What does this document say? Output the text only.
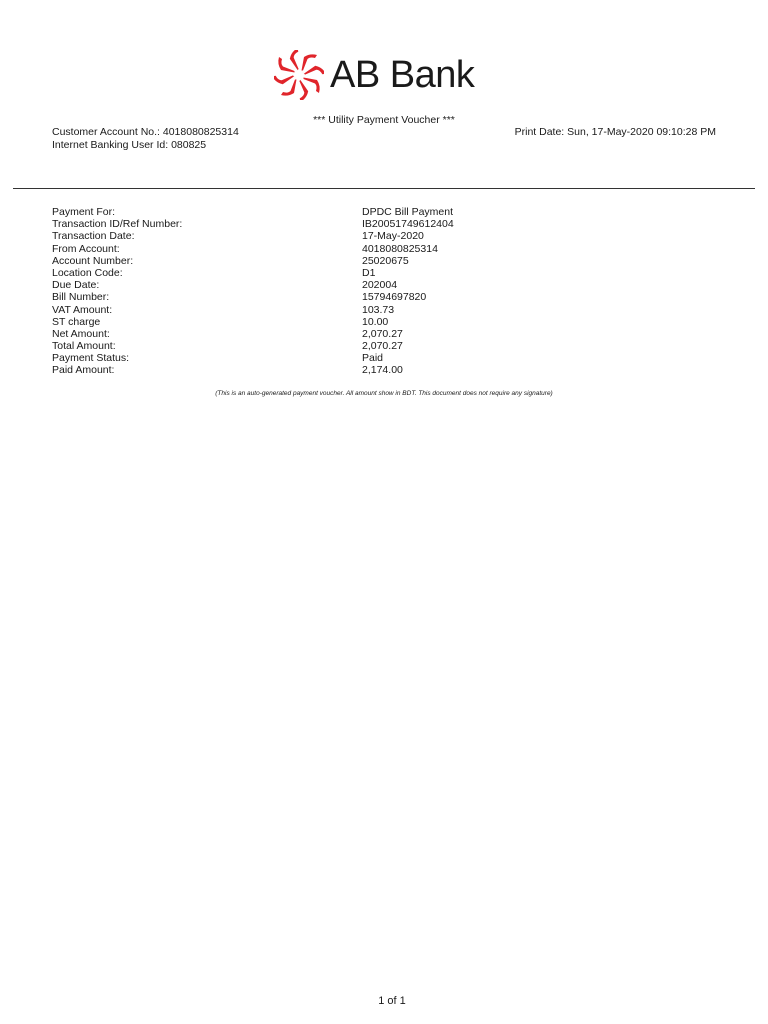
AB Bank
*** Utility Payment Voucher ***
Customer Account No.: 4018080825314
Internet Banking User Id: 080825
Print Date: Sun, 17-May-2020 09:10:28 PM
Payment For:	DPDC Bill Payment
Transaction ID/Ref Number:	IB20051749612404
Transaction Date:	17-May-2020
From Account:	4018080825314
Account Number:	25020675
Location Code:	D1
Due Date:	202004
Bill Number:	15794697820
VAT Amount:	103.73
ST charge	10.00
Net Amount:	2,070.27
Total Amount:	2,070.27
Payment Status:	Paid
Paid Amount:	2,174.00
(This is an auto-generated payment voucher. All amount show in BDT. This document does not require any signature)
1 of 1
